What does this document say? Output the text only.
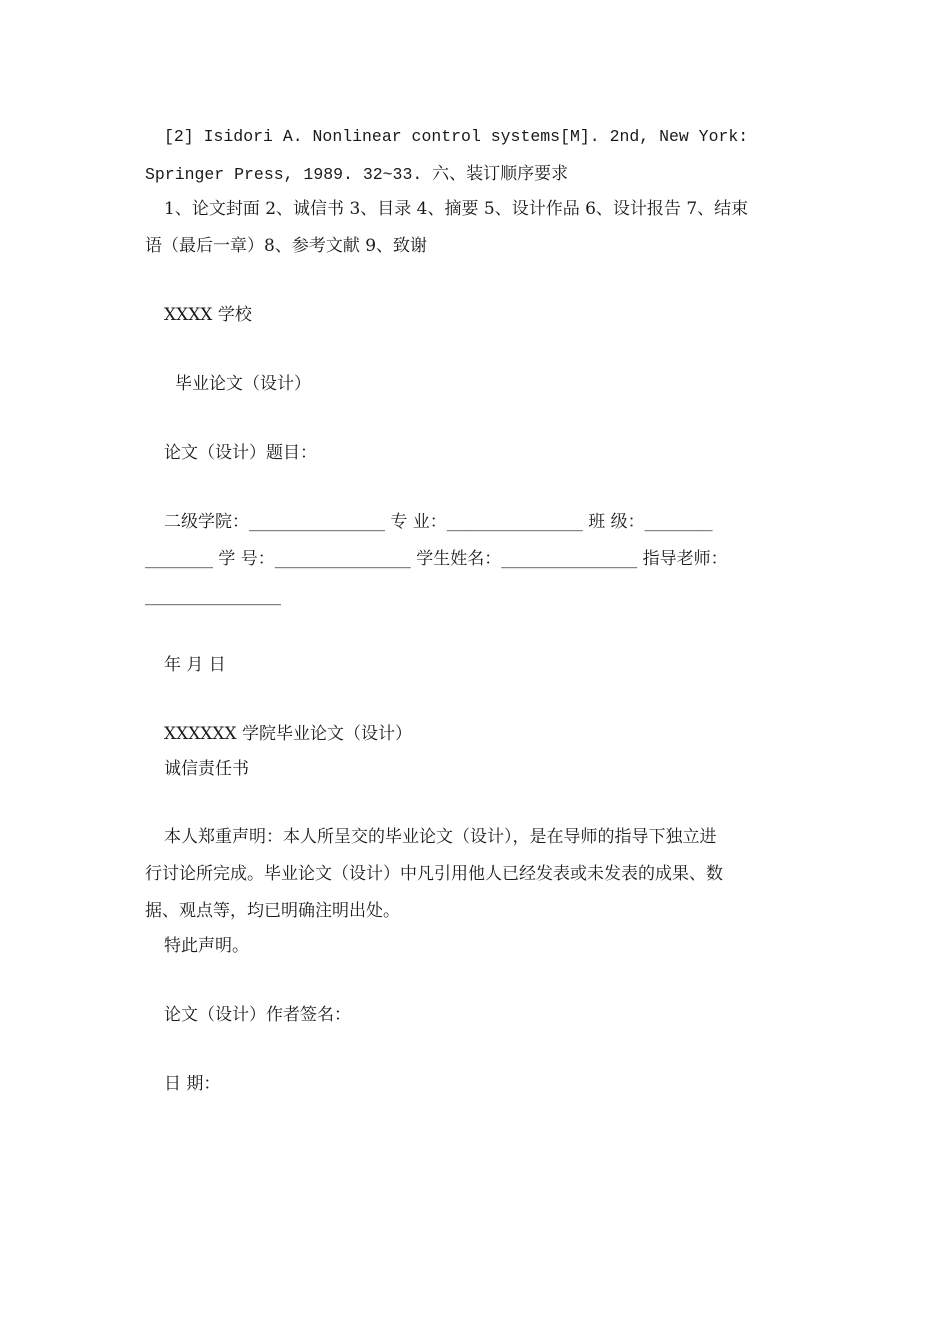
[2] Isidori A. Nonlinear control systems[M]. 2nd, New York:
Springer Press, 1989. 32~33. 六、装订顺序要求
1、论文封面 2、诚信书 3、目录 4、摘要 5、设计作品 6、设计报告 7、结束
语（最后一章）8、参考文献 9、致谢
XXXX 学校
毕业论文（设计）
论文（设计）题目：
二级学院：________________ 专 业：________________ 班 级：________
________ 学 号：________________ 学生姓名：________________ 指导老师：
________________
年 月 日
XXXXXX 学院毕业论文（设计）
诚信责任书
本人郑重声明：本人所呈交的毕业论文（设计），是在导师的指导下独立进
行讨论所完成。毕业论文（设计）中凡引用他人已经发表或未发表的成果、数
据、观点等，均已明确注明出处。
特此声明。
论文（设计）作者签名：
日 期：
